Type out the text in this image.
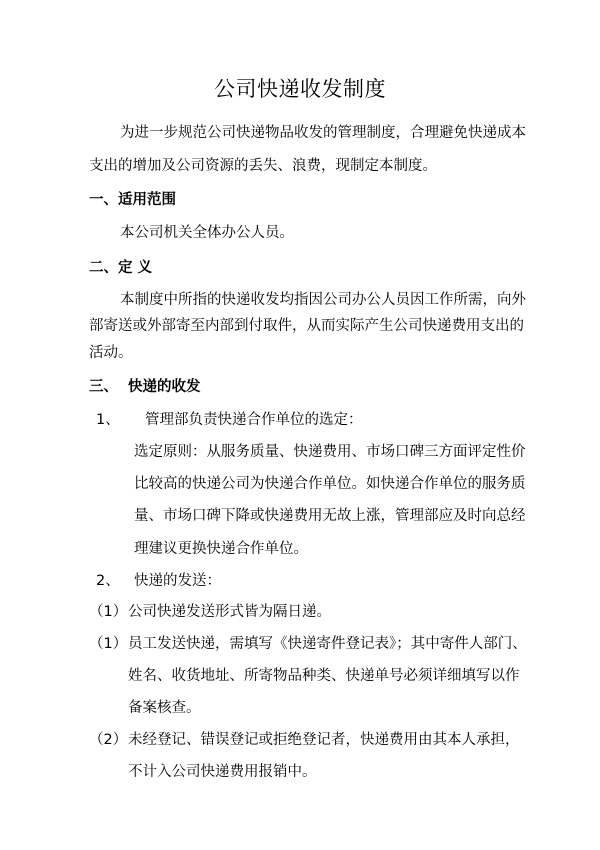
公司快递收发制度
为进一步规范公司快递物品收发的管理制度，合理避免快递成本
支出的增加及公司资源的丢失、浪费，现制定本制度。
一、适用范围
本公司机关全体办公人员。
二、定 义
本制度中所指的快递收发均指因公司办公人员因工作所需，向外
部寄送或外部寄至内部到付取件，从而实际产生公司快递费用支出的
活动。
三、 快递的收发
1、 管理部负责快递合作单位的选定：
选定原则：从服务质量、快递费用、市场口碑三方面评定性价
比较高的快递公司为快递合作单位。如快递合作单位的服务质
量、市场口碑下降或快递费用无故上涨，管理部应及时向总经
理建议更换快递合作单位。
2、 快递的发送：
（1） 公司快递发送形式皆为隔日递。
（1） 员工发送快递，需填写《快递寄件登记表》；其中寄件人部门、
姓名、收货地址、所寄物品种类、快递单号必须详细填写以作
备案核查。
（2） 未经登记、错误登记或拒绝登记者，快递费用由其本人承担，
不计入公司快递费用报销中。
